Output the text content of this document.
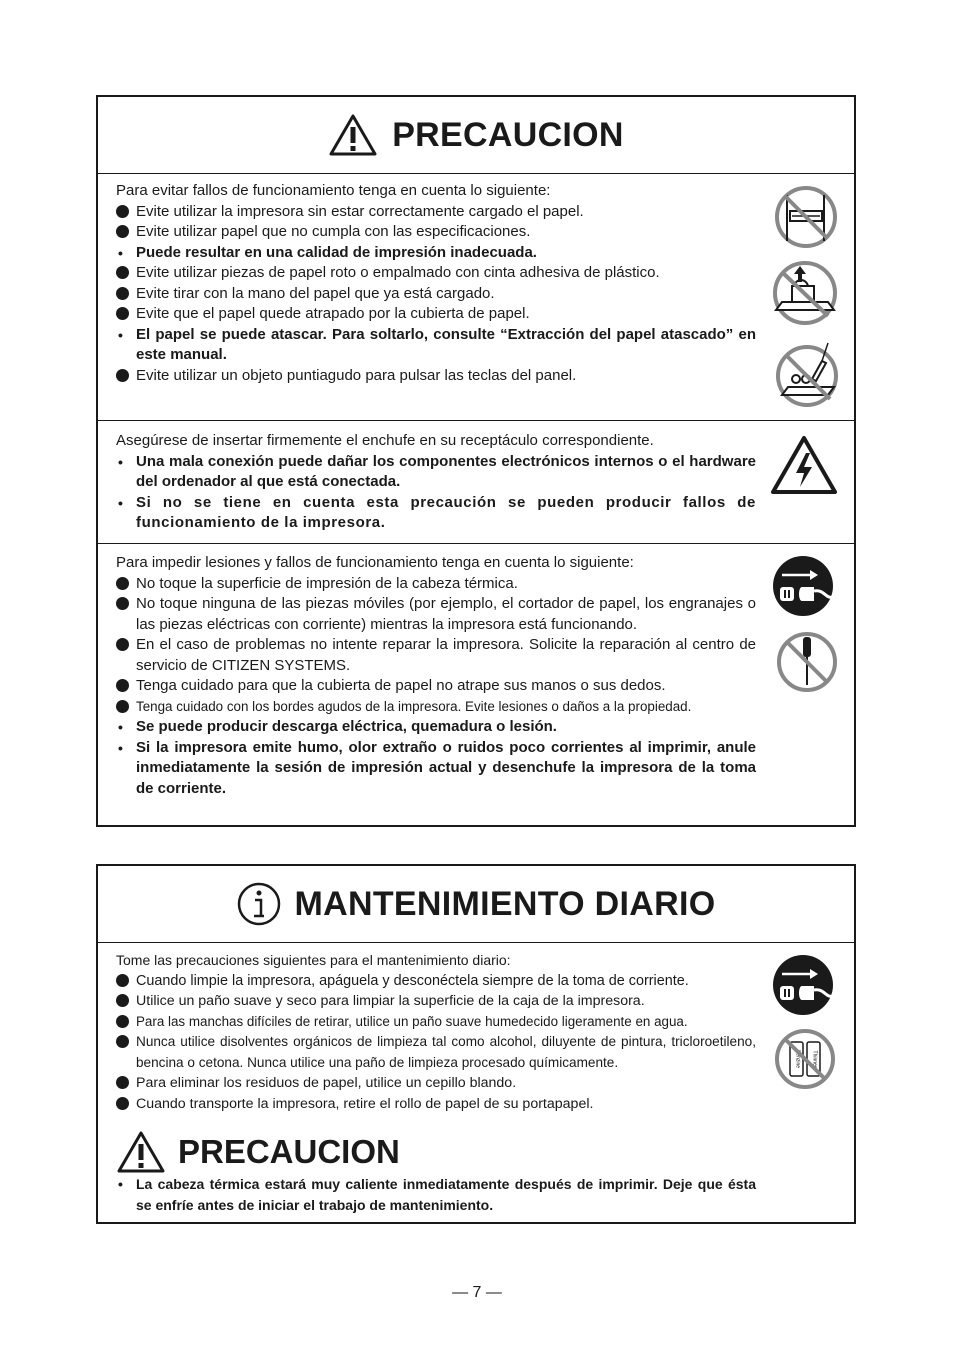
PRECAUCION
Para evitar fallos de funcionamiento tenga en cuenta lo siguiente:
Evite utilizar la impresora sin estar correctamente cargado el papel.
Evite utilizar papel que no cumpla con las especificaciones.
• Puede resultar en una calidad de impresión inadecuada.
Evite utilizar piezas de papel roto o empalmado con cinta adhesiva de plástico.
Evite tirar con la mano del papel que ya está cargado.
Evite que el papel quede atrapado por la cubierta de papel.
• El papel se puede atascar. Para soltarlo, consulte “Extracción del papel atascado” en este manual.
Evite utilizar un objeto puntiagudo para pulsar las teclas del panel.
Asegúrese de insertar firmemente el enchufe en su receptáculo correspondiente.
• Una mala conexión puede dañar los componentes electrónicos internos o el hardware del ordenador al que está conectada.
• Si no se tiene en cuenta esta precaución se pueden producir fallos de funcionamiento de la impresora.
Para impedir lesiones y fallos de funcionamiento tenga en cuenta lo siguiente:
No toque la superficie de impresión de la cabeza térmica.
No toque ninguna de las piezas móviles (por ejemplo, el cortador de papel, los engranajes o las piezas eléctricas con corriente) mientras la impresora está funcionando.
En el caso de problemas no intente reparar la impresora. Solicite la reparación al centro de servicio de CITIZEN SYSTEMS.
Tenga cuidado para que la cubierta de papel no atrape sus manos o sus dedos.
Tenga cuidado con los bordes agudos de la impresora. Evite lesiones o daños a la propiedad.
• Se puede producir descarga eléctrica, quemadura o lesión.
• Si la impresora emite humo, olor extraño o ruidos poco corrientes al imprimir, anule inmediatamente la sesión de impresión actual y desenchufe la impresora de la toma de corriente.
MANTENIMIENTO DIARIO
Tome las precauciones siguientes para el mantenimiento diario:
Cuando limpie la impresora, apáguela y desconéctela siempre de la toma de corriente.
Utilice un paño suave y seco para limpiar la superficie de la caja de la impresora.
Para las manchas difíciles de retirar, utilice un paño suave humedecido ligeramente en agua.
Nunca utilice disolventes orgánicos de limpieza tal como alcohol, diluyente de pintura, tricloroetileno, bencina o cetona. Nunca utilice una paño de limpieza procesado químicamente.
Para eliminar los residuos de papel, utilice un cepillo blando.
Cuando transporte la impresora, retire el rollo de papel de su portapapel.
Benzine Thinner
PRECAUCION
• La cabeza térmica estará muy caliente inmediatamente después de imprimir. Deje que ésta se enfríe antes de iniciar el trabajo de mantenimiento.
— 7 —
